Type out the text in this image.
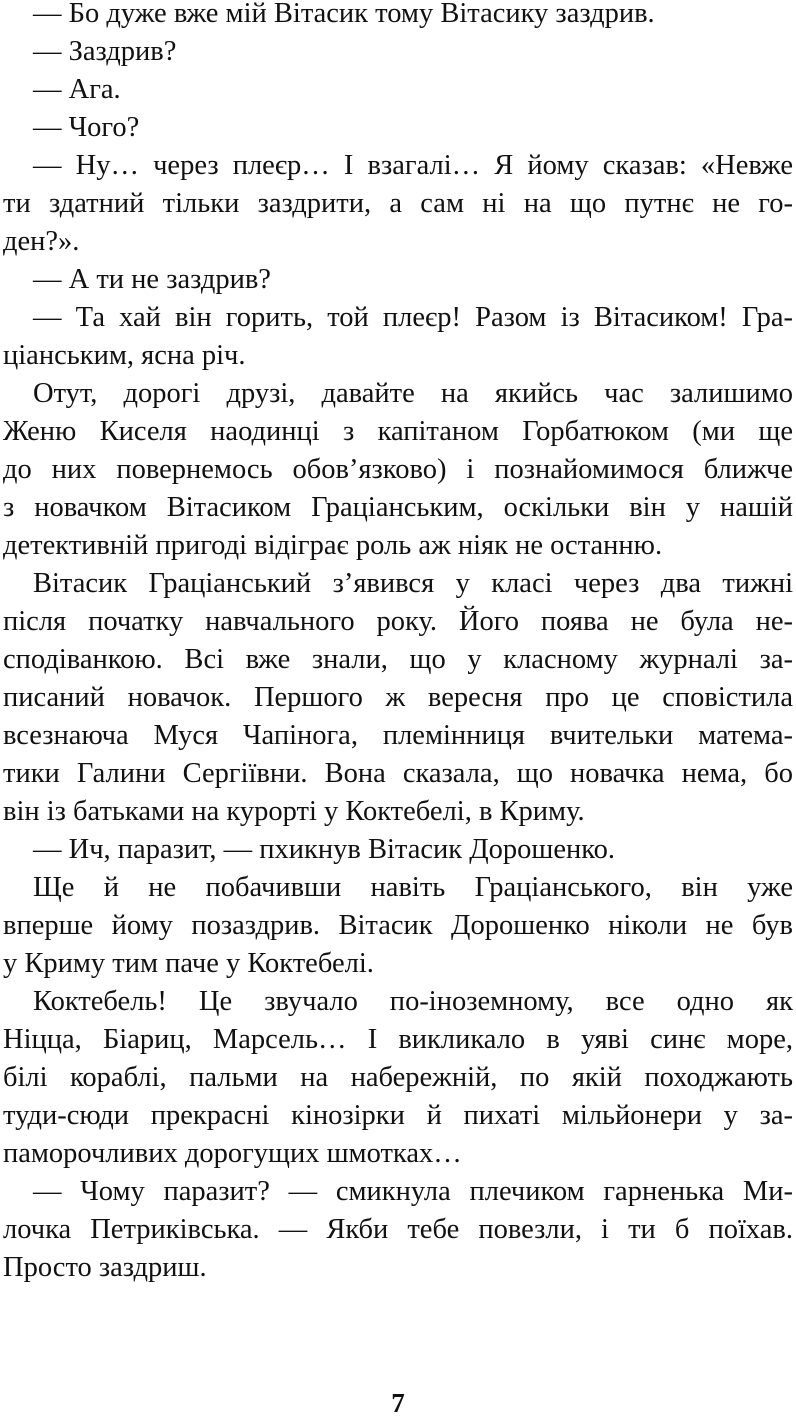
— Бо дуже вже мій Вітасик тому Вітасику заздрив.
— Заздрив?
— Ага.
— Чого?
— Ну… через плеєр… І взагалі… Я йому сказав: «Невже
ти здатний тільки заздрити, а сам ні на що путнє не го-
ден?».
— А ти не заздрив?
— Та хай він горить, той плеєр! Разом із Вітасиком! Гра-
ціанським, ясна річ.
Отут, дорогі друзі, давайте на якийсь час залишимо
Женю Киселя наодинці з капітаном Горбатюком (ми ще
до них повернемось обов’язково) і познайомимося ближче
з новачком Вітасиком Граціанським, оскільки він у нашій
детективній пригоді відіграє роль аж ніяк не останню.
Вітасик Граціанський з’явився у класі через два тижні
після початку навчального року. Його поява не була не-
сподіванкою. Всі вже знали, що у класному журналі за-
писаний новачок. Першого ж вересня про це сповістила
всезнаюча Муся Чапінога, племінниця вчительки матема-
тики Галини Сергіївни. Вона сказала, що новачка нема, бо
він із батьками на курорті у Коктебелі, в Криму.
— Ич, паразит, — пхикнув Вітасик Дорошенко.
Ще й не побачивши навіть Граціанського, він уже
вперше йому позаздрив. Вітасик Дорошенко ніколи не був
у Криму тим паче у Коктебелі.
Коктебель! Це звучало по-іноземному, все одно як
Ніцца, Біариц, Марсель… І викликало в уяві синє море,
білі кораблі, пальми на набережній, по якій походжають
туди-сюди прекрасні кінозірки й пихаті мільйонери у за-
паморочливих дорогущих шмотках…
— Чому паразит? — смикнула плечиком гарненька Ми-
лочка Петриківська. — Якби тебе повезли, і ти б поїхав.
Просто заздриш.
7
